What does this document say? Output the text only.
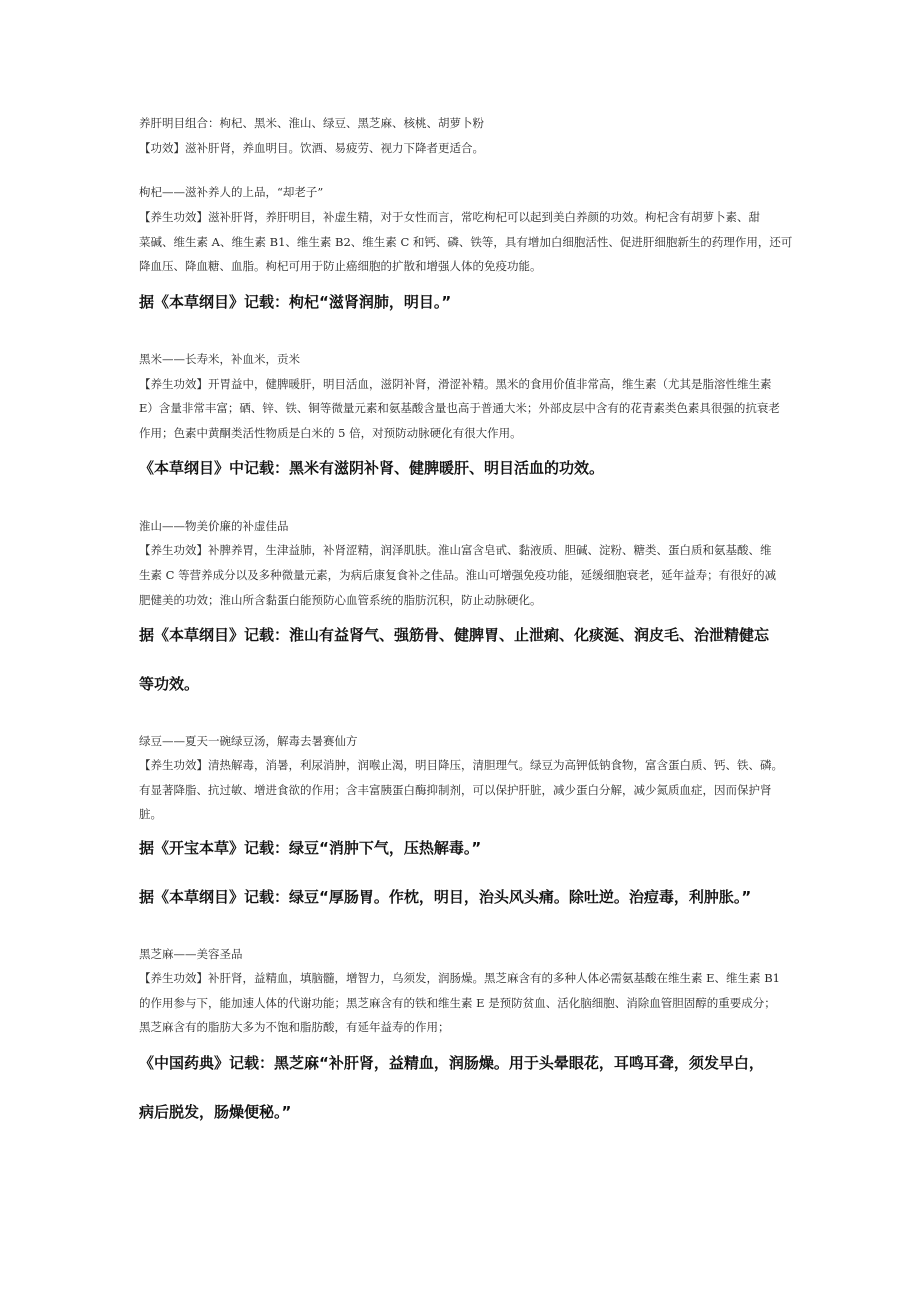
养肝明目组合：枸杞、黑米、淮山、绿豆、黑芝麻、核桃、胡萝卜粉

【功效】滋补肝肾，养血明目。饮酒、易疲劳、视力下降者更适合。

枸杞——滋补养人的上品，“却老子”

【养生功效】滋补肝肾，养肝明目，补虚生精，对于女性而言，常吃枸杞可以起到美白养颜的功效。枸杞含有胡萝卜素、甜

菜碱、维生素 A、维生素 B1、维生素 B2、维生素 C 和钙、磷、铁等，具有增加白细胞活性、促进肝细胞新生的药理作用，还可

降血压、降血糖、血脂。枸杞可用于防止癌细胞的扩散和增强人体的免疫功能。

据《本草纲目》记载：枸杞“滋肾润肺，明目。”

黑米——长寿米，补血米，贡米

【养生功效】开胃益中，健脾暖肝，明目活血，滋阴补肾，滑涩补精。黑米的食用价值非常高，维生素（尤其是脂溶性维生素

E）含量非常丰富；硒、锌、铁、铜等微量元素和氨基酸含量也高于普通大米；外部皮层中含有的花青素类色素具很强的抗衰老

作用；色素中黄酮类活性物质是白米的 5 倍，对预防动脉硬化有很大作用。

《本草纲目》中记载：黑米有滋阴补肾、健脾暖肝、明目活血的功效。

淮山——物美价廉的补虚佳品

【养生功效】补脾养胃，生津益肺，补肾涩精，润泽肌肤。淮山富含皂甙、黏液质、胆碱、淀粉、糖类、蛋白质和氨基酸、维

生素 C 等营养成分以及多种微量元素，为病后康复食补之佳品。淮山可增强免疫功能，延缓细胞衰老，延年益寿；有很好的减

肥健美的功效；淮山所含黏蛋白能预防心血管系统的脂肪沉积，防止动脉硬化。

据《本草纲目》记载：淮山有益肾气、强筋骨、健脾胃、止泄痢、化痰涎、润皮毛、治泄精健忘

等功效。

绿豆——夏天一碗绿豆汤，解毒去暑赛仙方

【养生功效】清热解毒，消暑，利尿消肿，润喉止渴，明目降压，清胆理气。绿豆为高钾低钠食物，富含蛋白质、钙、铁、磷。

有显著降脂、抗过敏、增进食欲的作用；含丰富胰蛋白酶抑制剂，可以保护肝脏，减少蛋白分解，减少氮质血症，因而保护肾

脏。

据《开宝本草》记载：绿豆“消肿下气，压热解毒。”

据《本草纲目》记载：绿豆“厚肠胃。作枕，明目，治头风头痛。除吐逆。治痘毒，利肿胀。”

黑芝麻——美容圣品

【养生功效】补肝肾，益精血，填脑髓，增智力，乌须发，润肠燥。黑芝麻含有的多种人体必需氨基酸在维生素 E、维生素 B1

的作用参与下，能加速人体的代谢功能；黑芝麻含有的铁和维生素 E 是预防贫血、活化脑细胞、消除血管胆固醇的重要成分；

黑芝麻含有的脂肪大多为不饱和脂肪酸，有延年益寿的作用；

《中国药典》记载：黑芝麻“补肝肾，益精血，润肠燥。用于头晕眼花，耳鸣耳聋，须发早白，

病后脱发，肠燥便秘。”
